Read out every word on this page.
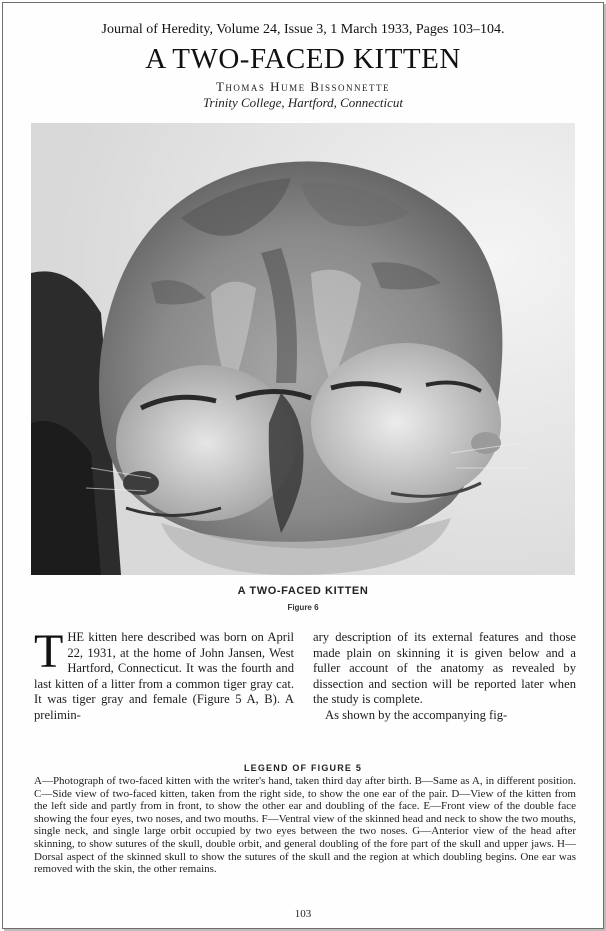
Journal of Heredity, Volume 24, Issue 3, 1 March 1933, Pages 103–104.
A TWO-FACED KITTEN
Thomas Hume Bissonnette
Trinity College, Hartford, Connecticut
A TWO-FACED KITTEN
Figure 6
T HE kitten here described was born on April 22, 1931, at the home of John Jansen, West Hartford, Connecticut. It was the fourth and last kitten of a litter from a common tiger gray cat. It was tiger gray and female (Figure 5 A, B). A prelimin-
ary description of its external features and those made plain on skinning it is given below and a fuller account of the anatomy as revealed by dissection and section will be reported later when the study is complete.
As shown by the accompanying fig-
LEGEND OF FIGURE 5
A—Photograph of two-faced kitten with the writer's hand, taken third day after birth. B—Same as A, in different position. C—Side view of two-faced kitten, taken from the right side, to show the one ear of the pair. D—View of the kitten from the left side and partly from in front, to show the other ear and doubling of the face. E—Front view of the double face showing the four eyes, two noses, and two mouths. F—Ventral view of the skinned head and neck to show the two mouths, single neck, and single large orbit occupied by two eyes between the two noses. G—Anterior view of the head after skinning, to show sutures of the skull, double orbit, and general doubling of the fore part of the skull and upper jaws. H—Dorsal aspect of the skinned skull to show the sutures of the skull and the region at which doubling begins. One ear was removed with the skin, the other remains.
103
